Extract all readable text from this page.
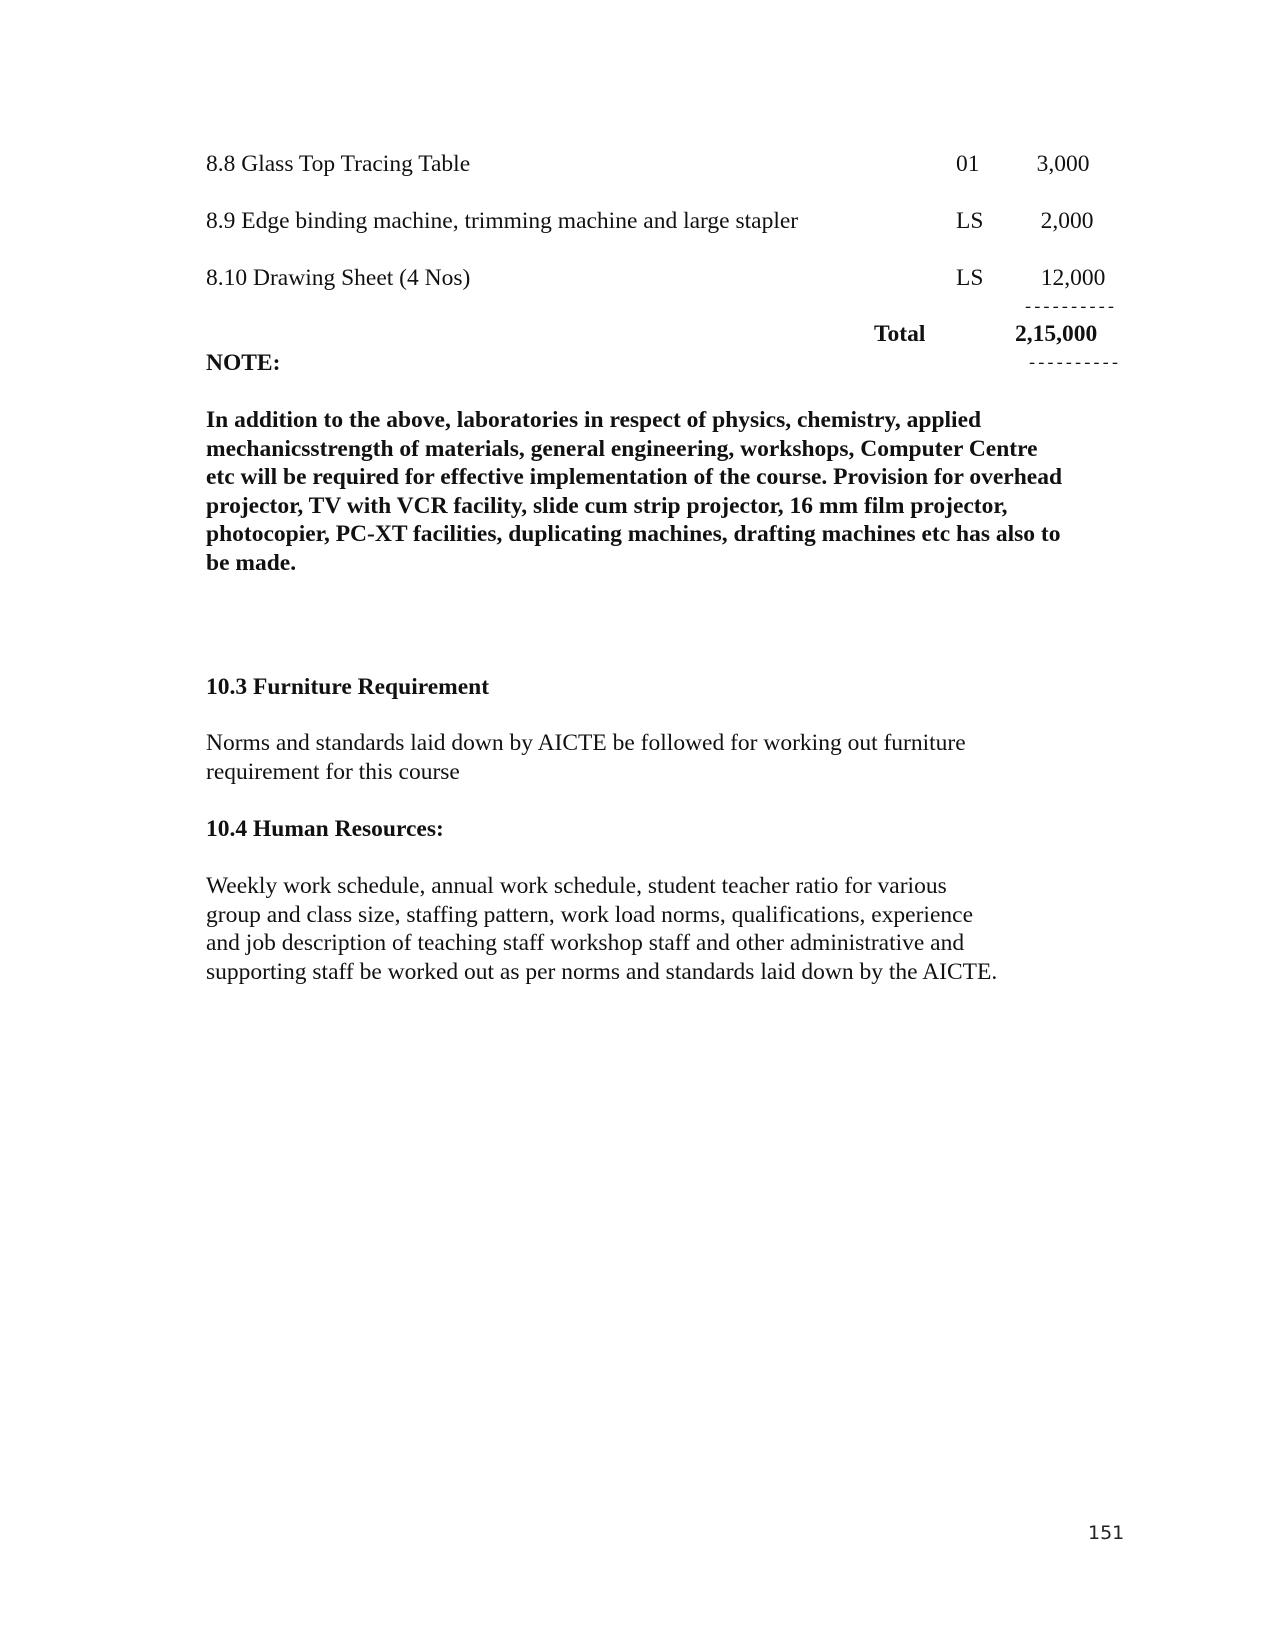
8.8 Glass Top Tracing Table	01	3,000
8.9 Edge binding machine, trimming machine and large stapler	LS	2,000
8.10 Drawing Sheet (4 Nos)	LS	12,000
----------
Total	2,15,000
NOTE:	----------
In addition to the above, laboratories in respect of physics, chemistry, applied
mechanicsstrength of materials, general engineering, workshops, Computer Centre
etc will be required for effective implementation of the course. Provision for overhead
projector, TV with VCR facility, slide cum strip projector, 16 mm film projector,
photocopier, PC-XT facilities, duplicating machines, drafting machines etc has also to
be made.
10.3 Furniture Requirement
Norms and standards laid down by AICTE be followed for working out furniture
requirement for this course
10.4 Human Resources:
Weekly work schedule, annual work schedule, student teacher ratio for various
group and class size, staffing pattern, work load norms, qualifications, experience
and job description of teaching staff workshop staff and other administrative and
supporting staff be worked out as per norms and standards laid down by the AICTE.
151
